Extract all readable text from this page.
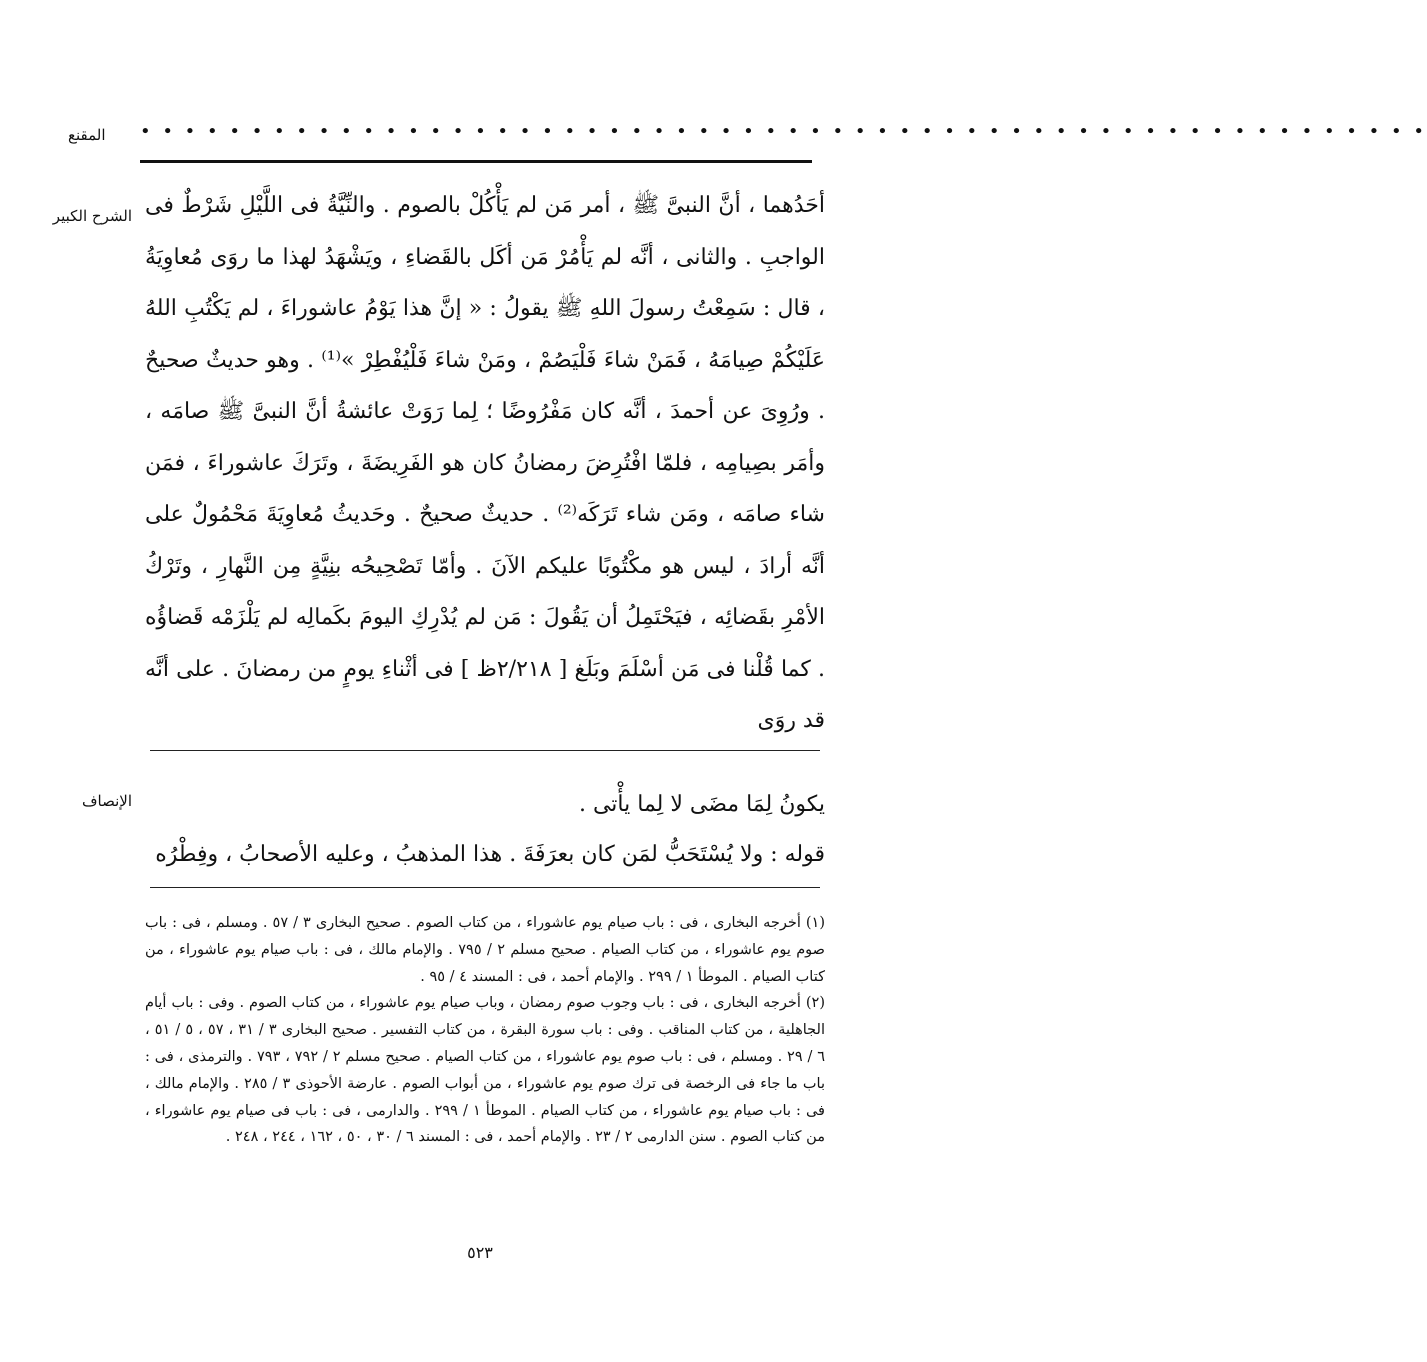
المقنع • • • • • • • • • • • • • • • • • • • • • • • • • • • • • • • • • • • • • • • • • • • • • • • • • • • • • • • • • •
الشرح الكبير
الإنصاف

أحَدُهما ، أنَّ النبىَّ ﷺ ، أمر مَن لم يَأْكُلْ بالصوم . والنِّيَّةُ فى اللَّيْلِ شَرْطٌ فى الواجبِ . والثانى ، أنَّه لم يَأْمُرْ مَن أكَل بالقَضاءِ ، ويَشْهَدُ لهذا ما روَى مُعاوِيَةُ ، قال : سَمِعْتُ رسولَ اللهِ ﷺ يقولُ : « إنَّ هذا يَوْمُ عاشوراءَ ، لم يَكْتُبِ اللهُ عَلَيْكُمْ صِيامَهُ ، فَمَنْ شاءَ فَلْيَصُمْ ، ومَنْ شاءَ فَلْيُفْطِرْ »⁽¹⁾ . وهو حديثٌ صحيحٌ . ورُوِىَ عن أحمدَ ، أنَّه كان مَفْرُوضًا ؛ لِما رَوَتْ عائشةُ أنَّ النبىَّ ﷺ صامَه ، وأمَر بصِيامِه ، فلمّا افْتُرِضَ رمضانُ كان هو الفَرِيضَةَ ، وتَرَكَ عاشوراءَ ، فمَن شاء صامَه ، ومَن شاء تَرَكَه⁽²⁾ . حديثٌ صحيحٌ . وحَديثُ مُعاوِيَةَ مَحْمُولٌ على أنَّه أرادَ ، ليس هو مكْتُوبًا عليكم الآنَ . وأمّا تَصْحِيحُه بنِيَّةٍ مِن النَّهارِ ، وتَرْكُ الأمْرِ بقَضائِه ، فيَحْتَمِلُ أن يَقُولَ : مَن لم يُدْرِكِ اليومَ بكَمالِه لم يَلْزَمْه قَضاؤُه . كما قُلْنا فى مَن أسْلَمَ وبَلَغ [ ٢/٢١٨ظ ] فى أثْناءِ يومٍ من رمضانَ . على أنَّه قد روَى

يكونُ لِمَا مضَى لا لِما يأْتى .

قوله : ولا يُسْتَحَبُّ لمَن كان بعرَفَةَ . هذا المذهبُ ، وعليه الأصحابُ ، وفِطْرُه

(١) أخرجه البخارى ، فى : باب صيام يوم عاشوراء ، من كتاب الصوم . صحيح البخارى ٣ / ٥٧ . ومسلم ، فى : باب صوم يوم عاشوراء ، من كتاب الصيام . صحيح مسلم ٢ / ٧٩٥ . والإمام مالك ، فى : باب صيام يوم عاشوراء ، من كتاب الصيام . الموطأ ١ / ٢٩٩ . والإمام أحمد ، فى : المسند ٤ / ٩٥ .

(٢) أخرجه البخارى ، فى : باب وجوب صوم رمضان ، وباب صيام يوم عاشوراء ، من كتاب الصوم . وفى : باب أيام الجاهلية ، من كتاب المناقب . وفى : باب سورة البقرة ، من كتاب التفسير . صحيح البخارى ٣ / ٣١ ، ٥٧ ، ٥ / ٥١ ، ٦ / ٢٩ . ومسلم ، فى : باب صوم يوم عاشوراء ، من كتاب الصيام . صحيح مسلم ٢ / ٧٩٢ ، ٧٩٣ . والترمذى ، فى : باب ما جاء فى الرخصة فى ترك صوم يوم عاشوراء ، من أبواب الصوم . عارضة الأحوذى ٣ / ٢٨٥ . والإمام مالك ، فى : باب صيام يوم عاشوراء ، من كتاب الصيام . الموطأ ١ / ٢٩٩ . والدارمى ، فى : باب فى صيام يوم عاشوراء ، من كتاب الصوم . سنن الدارمى ٢ / ٢٣ . والإمام أحمد ، فى : المسند ٦ / ٣٠ ، ٥٠ ، ١٦٢ ، ٢٤٤ ، ٢٤٨ .

٥٢٣
